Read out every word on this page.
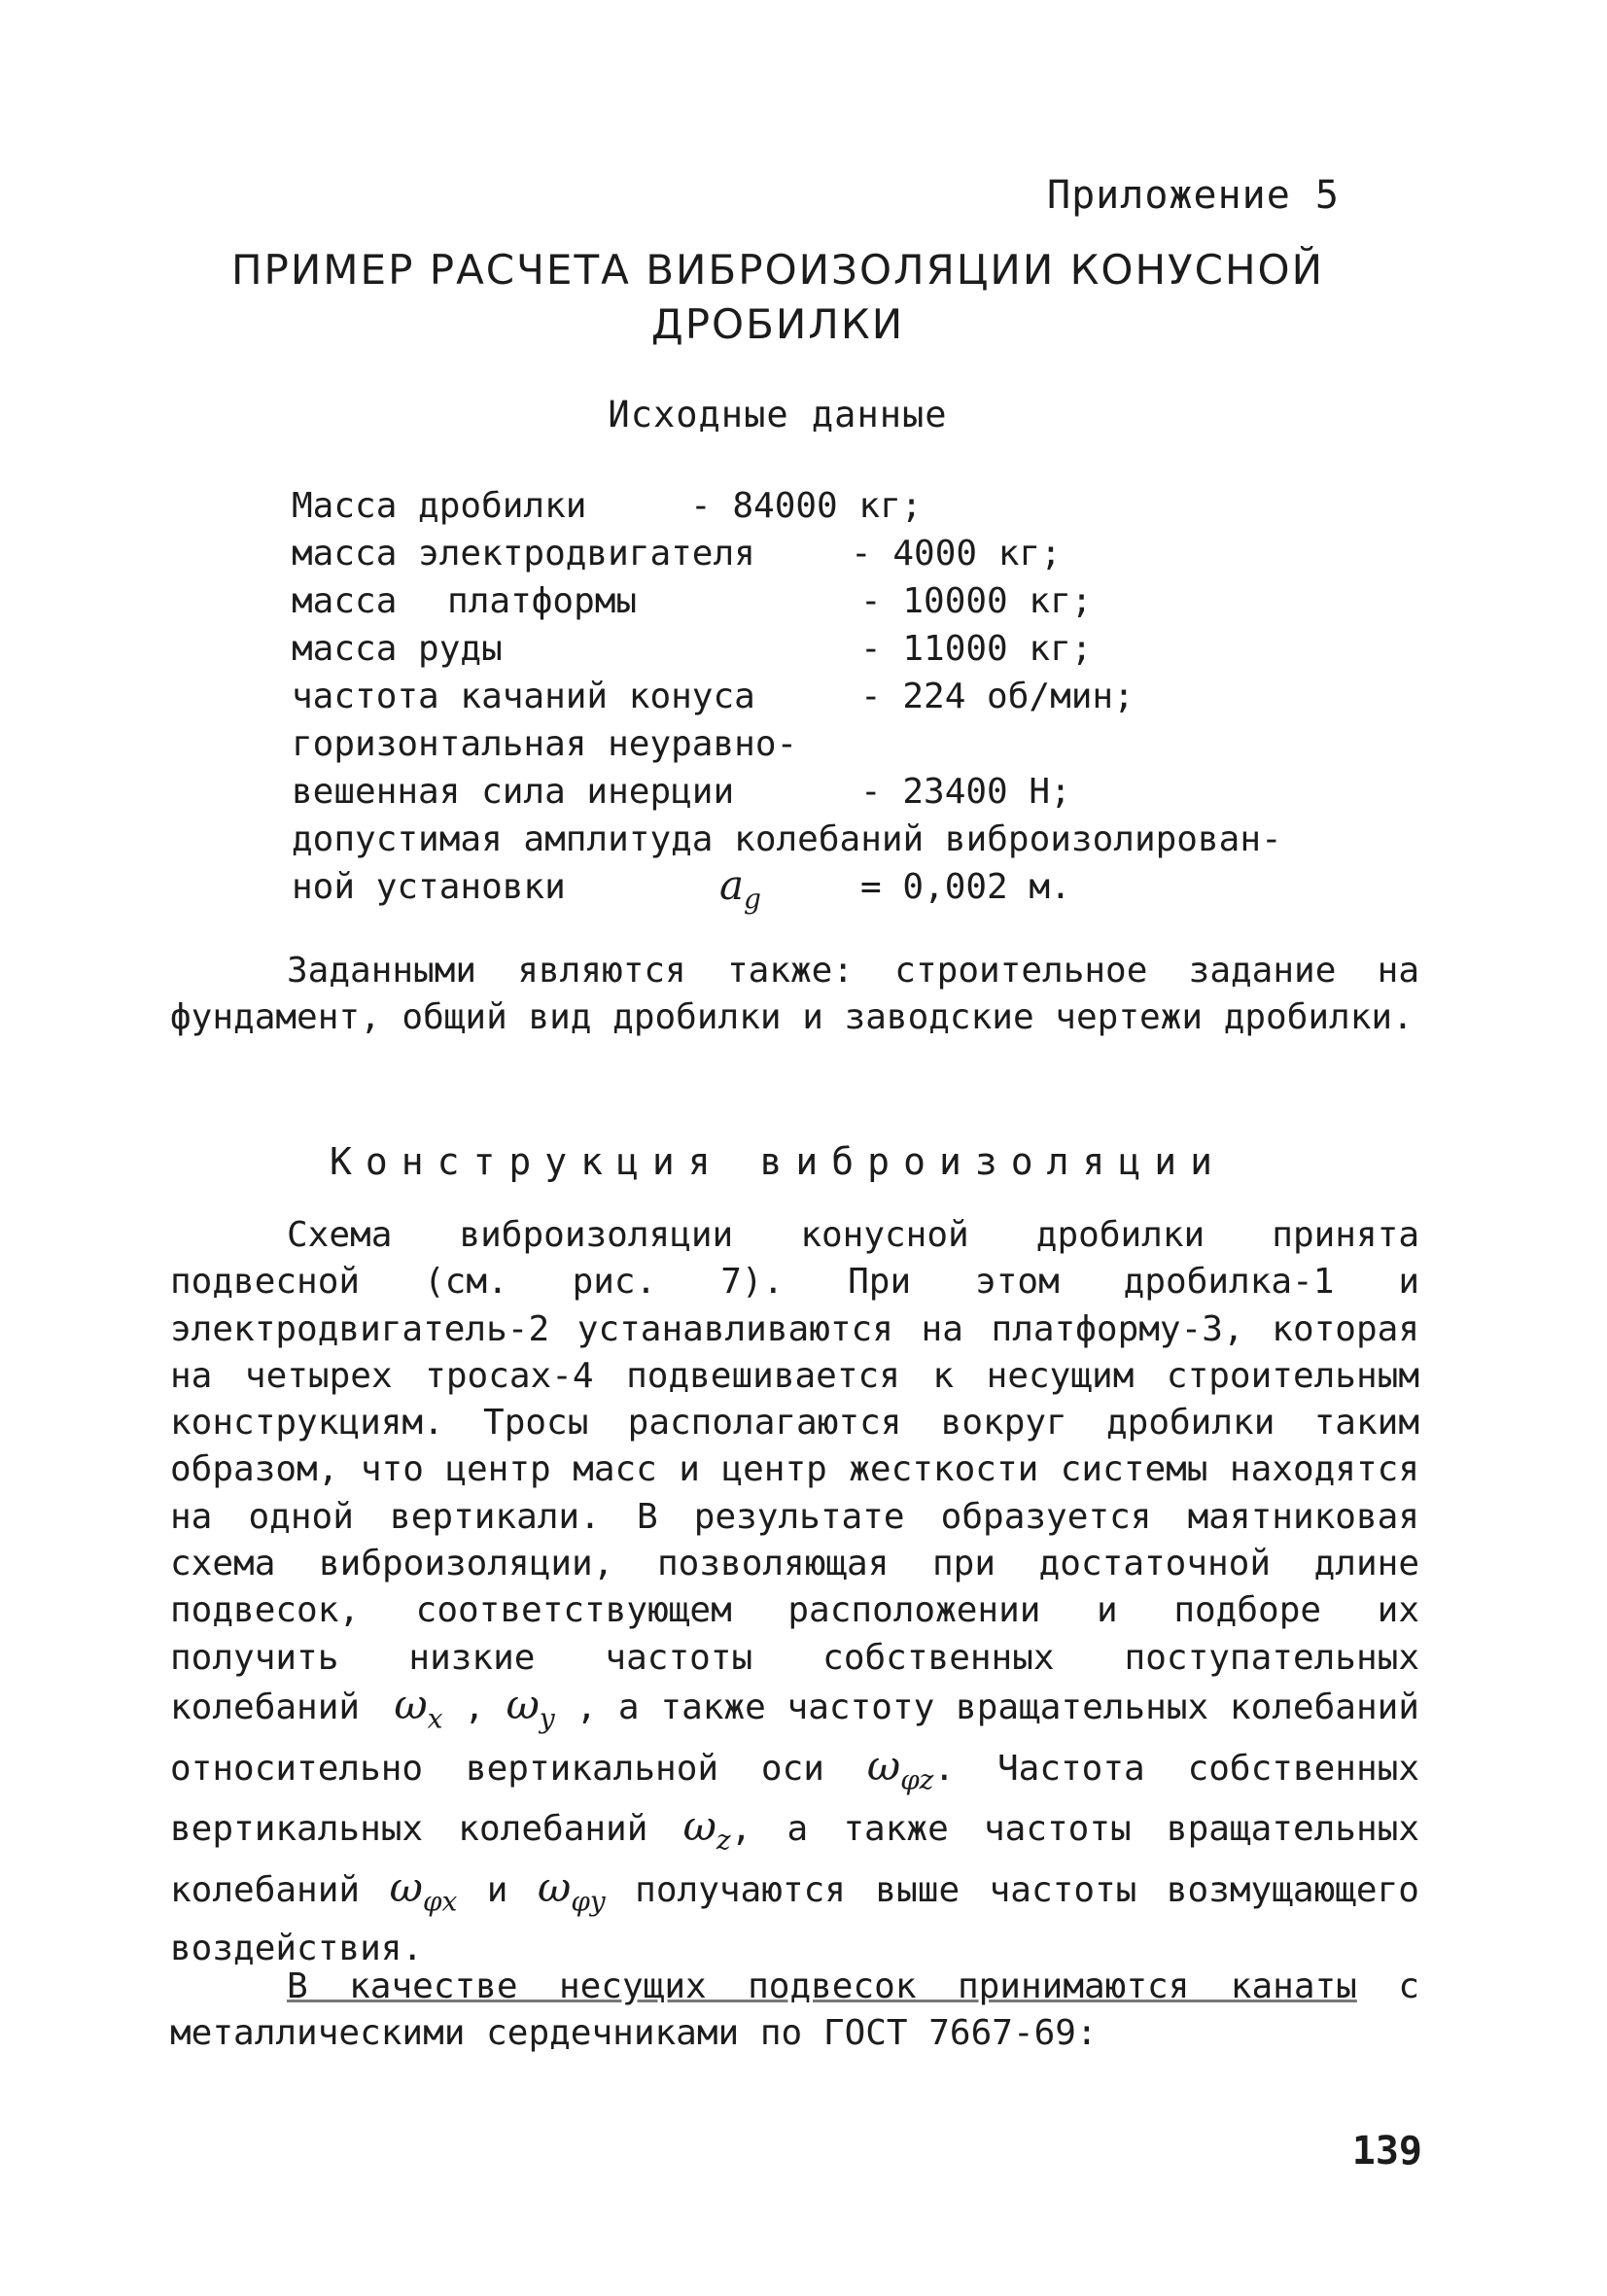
Приложение 5
ПРИМЕР РАСЧЕТА ВИБРОИЗОЛЯЦИИ КОНУСНОЙ
ДРОБИЛКИ
Исходные данные
Масса дробилки	- 84000 кг;
масса электродвигателя	- 4000 кг;
масса платформы	- 10000 кг;
масса руды	- 11000 кг;
частота качаний конуса	- 224 об/мин;
горизонтальная неуравно-
вешенная сила инерции	- 23400 Н;
допустимая амплитуда колебаний виброизолирован-
ной установки	$a_g$	= 0,002 м.
Заданными являются также: строительное задание на фундамент, общий вид дробилки и заводские чертежи дробилки.
Конструкция виброизоляции
Схема виброизоляции конусной дробилки принята подвесной (см. рис. 7). При этом дробилка-1 и электродвигатель-2 устанавливаются на платформу-3, которая на четырех тросах-4 подвешивается к несущим строительным конструкциям. Тросы располагаются вокруг дробилки таким образом, что центр масс и центр жесткости системы находятся на одной вертикали. В результате образуется маятниковая схема виброизоляции, позволяющая при достаточной длине подвесок, соответствующем расположении и подборе их получить низкие частоты собственных поступательных колебаний $\omega_x$ , $\omega_y$ , а также частоту вращательных колебаний относительно вертикальной оси $\omega_{\varphi z}$. Частота собственных вертикальных колебаний $\omega_z$, а также частоты вращательных колебаний $\omega_{\varphi x}$ и $\omega_{\varphi y}$ получаются выше частоты возмущающего воздействия.
В качестве несущих подвесок принимаются канаты с металлическими сердечниками по ГОСТ 7667-69:
139
